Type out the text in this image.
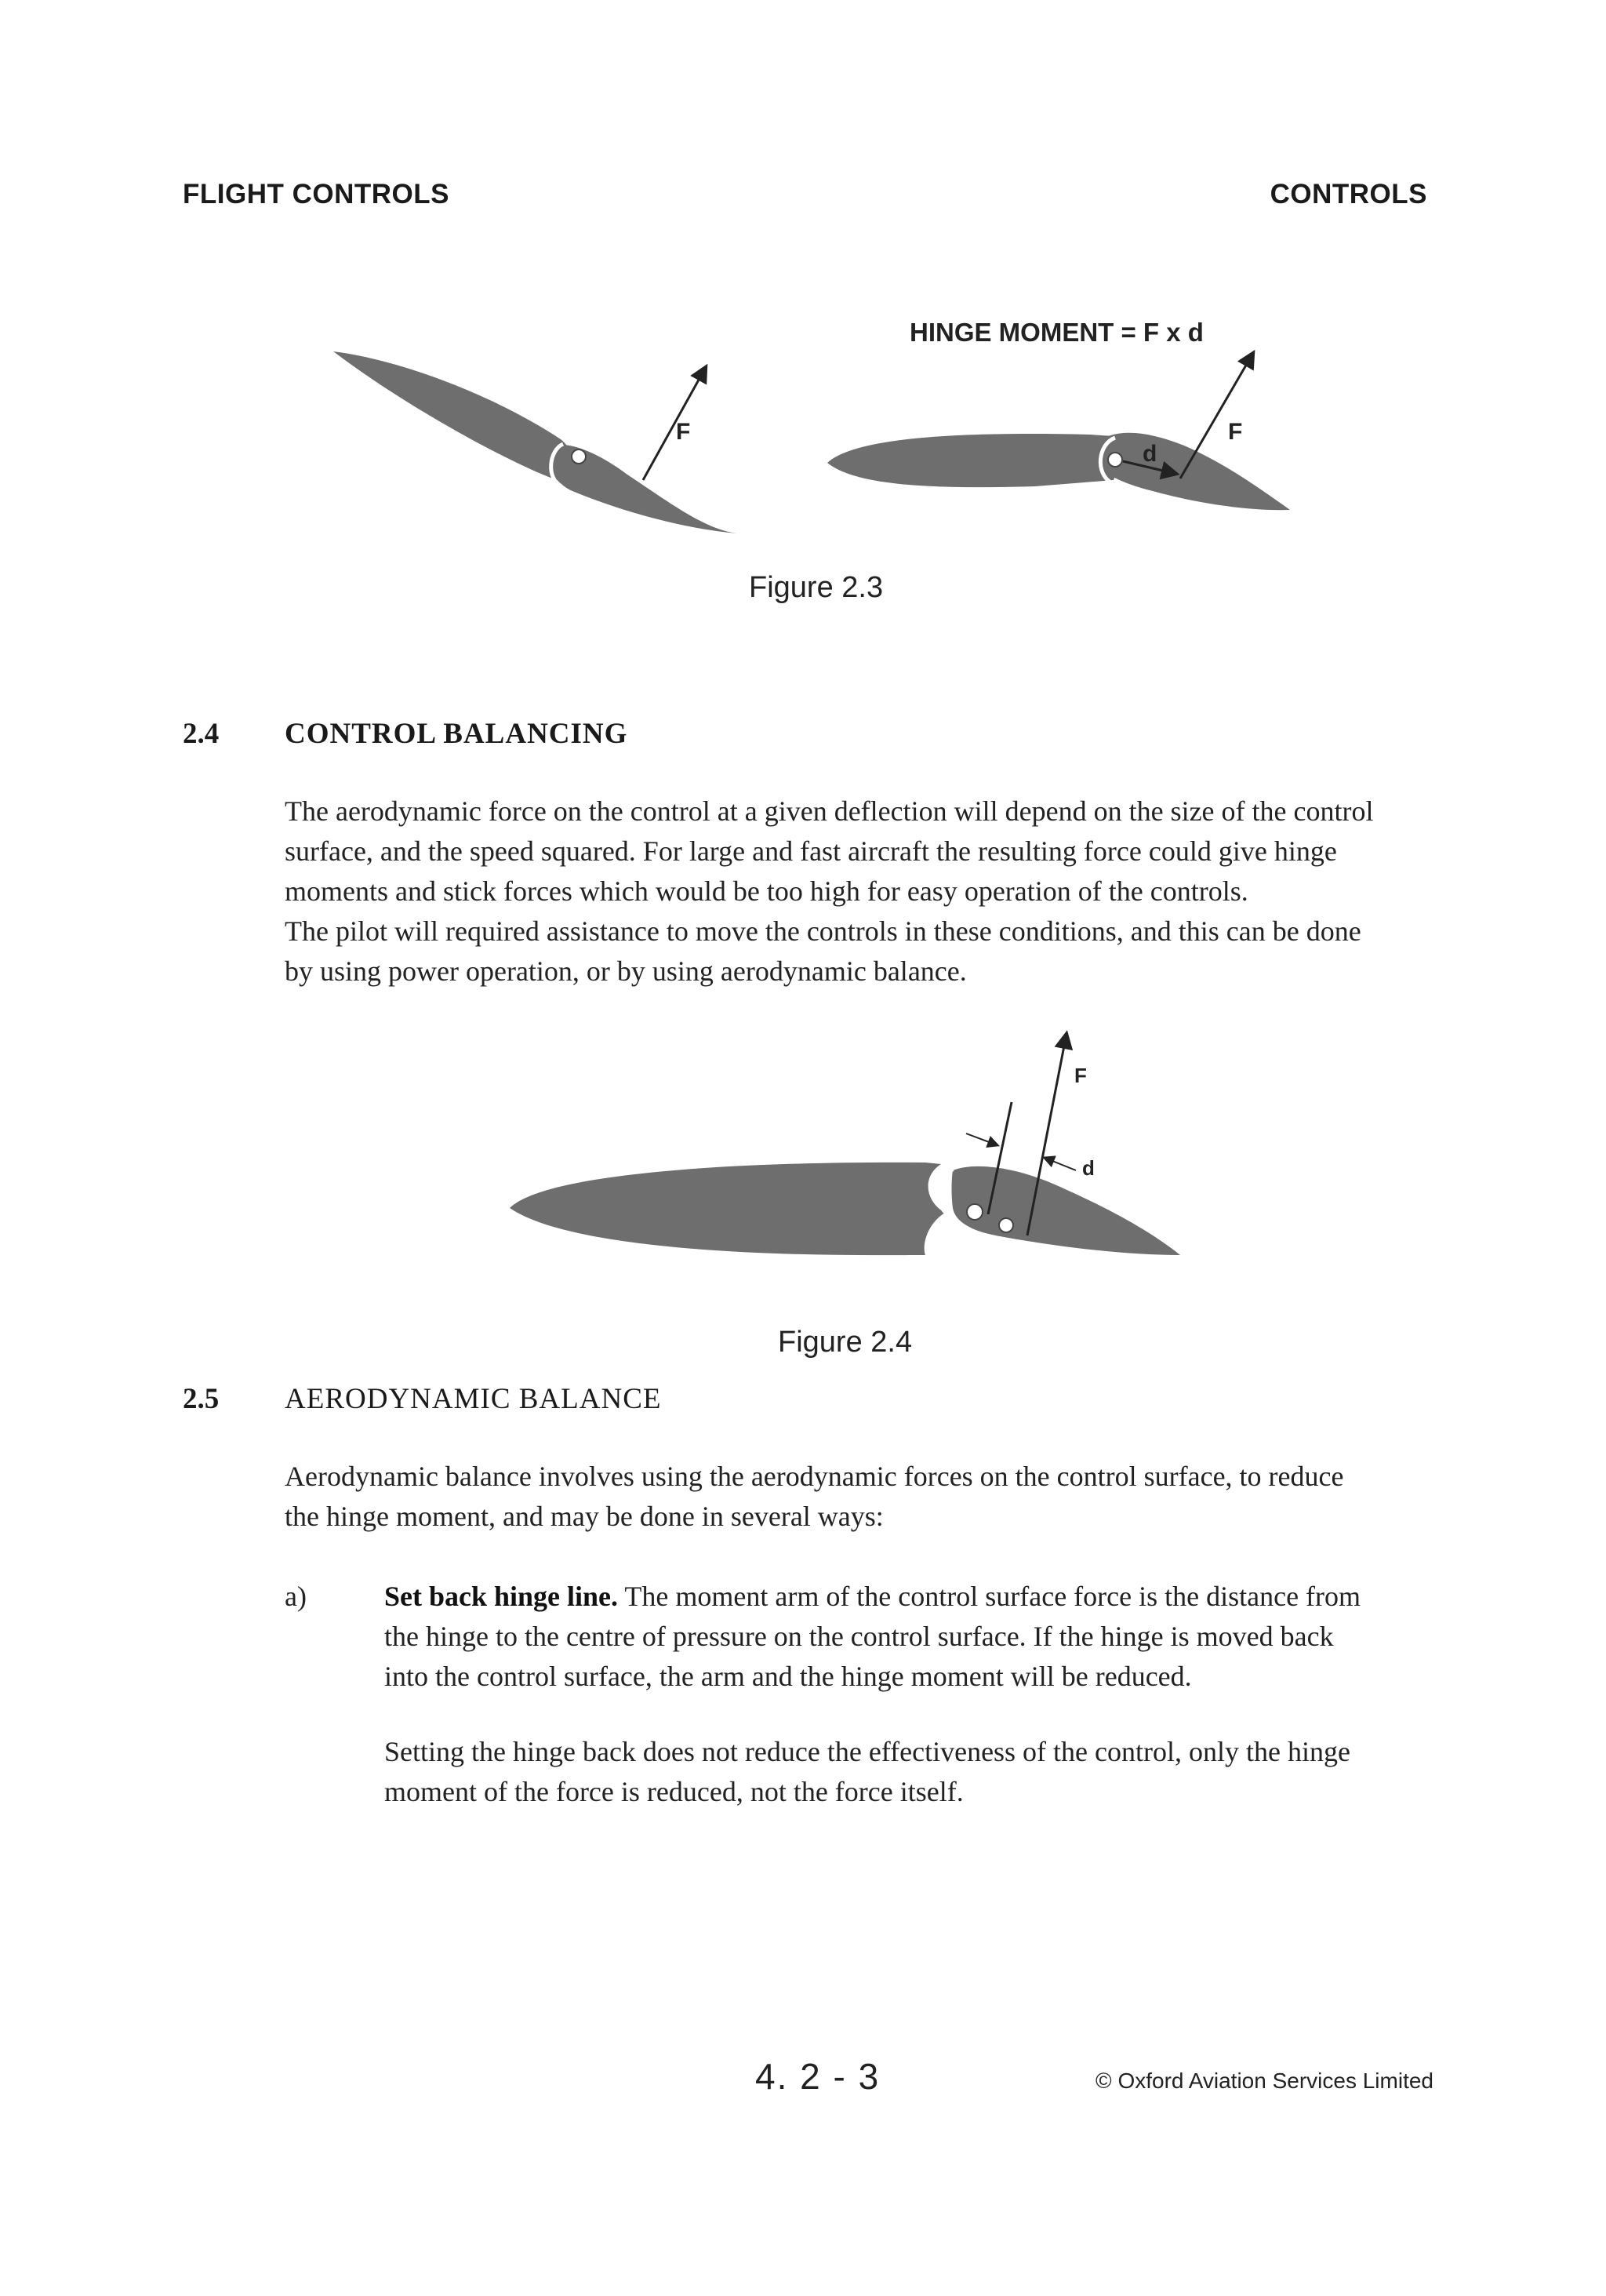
FLIGHT CONTROLS	CONTROLS
F
HINGE MOMENT = F x d
d
F
Figure 2.3
2.4 CONTROL BALANCING

The aerodynamic force on the control at a given deflection will depend on the size of the control

surface, and the speed squared. For large and fast aircraft the resulting force could give hinge

moments and stick forces which would be too high for easy operation of the controls.

The pilot will required assistance to move the controls in these conditions, and this can be done

by using power operation, or by using aerodynamic balance.

F
d
Figure 2.4
2.5 AERODYNAMIC BALANCE

Aerodynamic balance involves using the aerodynamic forces on the control surface, to reduce

the hinge moment, and may be done in several ways:

a)	Set back hinge line. The moment arm of the control surface force is the distance from

the hinge to the centre of pressure on the control surface. If the hinge is moved back

into the control surface, the arm and the hinge moment will be reduced.

Setting the hinge back does not reduce the effectiveness of the control, only the hinge

moment of the force is reduced, not the force itself.

4. 2 - 3	© Oxford Aviation Services Limited
